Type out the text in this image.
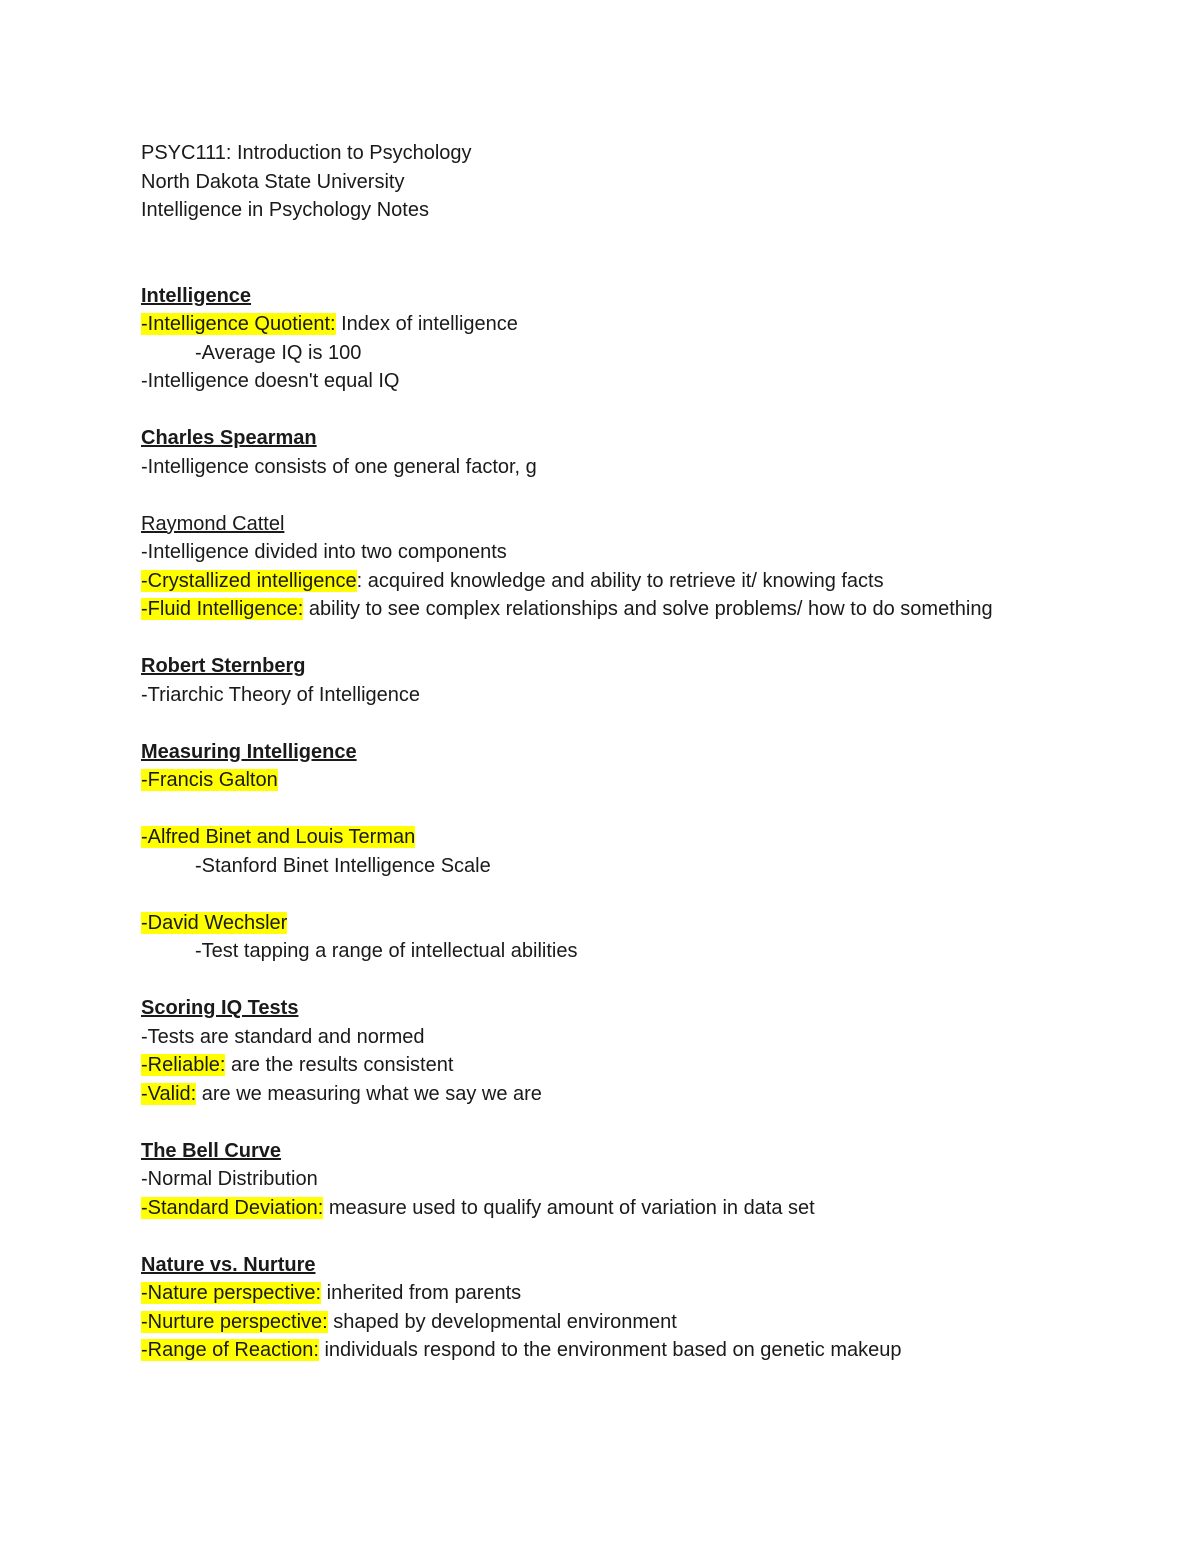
PSYC111: Introduction to Psychology
North Dakota State University
Intelligence in Psychology Notes
Intelligence
-Intelligence Quotient: Index of intelligence
-Average IQ is 100
-Intelligence doesn't equal IQ
Charles Spearman
-Intelligence consists of one general factor, g
Raymond Cattel
-Intelligence divided into two components
-Crystallized intelligence: acquired knowledge and ability to retrieve it/ knowing facts
-Fluid Intelligence: ability to see complex relationships and solve problems/ how to do something
Robert Sternberg
-Triarchic Theory of Intelligence
Measuring Intelligence
-Francis Galton
-Alfred Binet and Louis Terman
-Stanford Binet Intelligence Scale
-David Wechsler
-Test tapping a range of intellectual abilities
Scoring IQ Tests
-Tests are standard and normed
-Reliable: are the results consistent
-Valid: are we measuring what we say we are
The Bell Curve
-Normal Distribution
-Standard Deviation: measure used to qualify amount of variation in data set
Nature vs. Nurture
-Nature perspective: inherited from parents
-Nurture perspective: shaped by developmental environment
-Range of Reaction: individuals respond to the environment based on genetic makeup
